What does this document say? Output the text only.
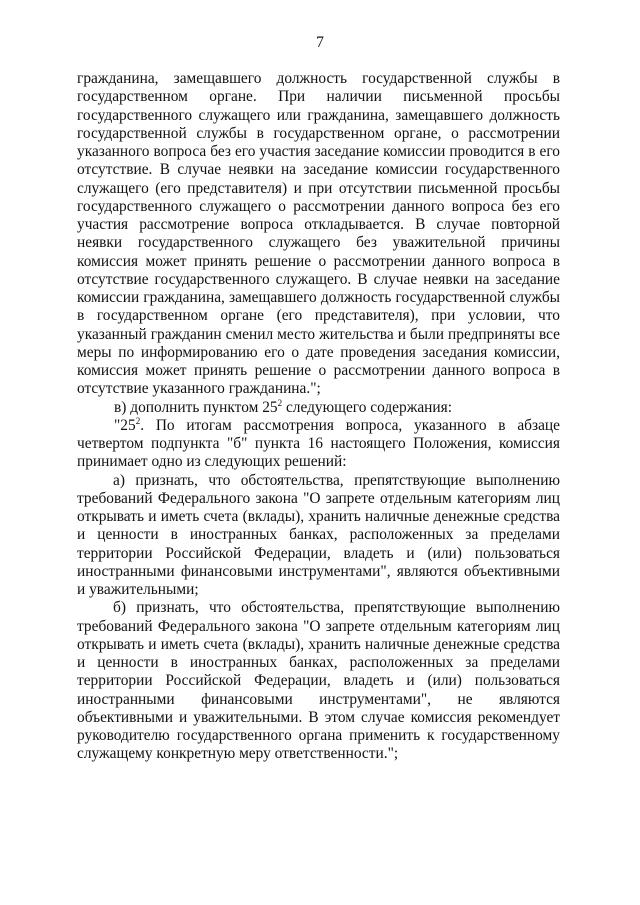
7

гражданина, замещавшего должность государственной службы в государственном органе. При наличии письменной просьбы государственного служащего или гражданина, замещавшего должность государственной службы в государственном органе, о рассмотрении указанного вопроса без его участия заседание комиссии проводится в его отсутствие. В случае неявки на заседание комиссии государственного служащего (его представителя) и при отсутствии письменной просьбы государственного служащего о рассмотрении данного вопроса без его участия рассмотрение вопроса откладывается. В случае повторной неявки государственного служащего без уважительной причины комиссия может принять решение о рассмотрении данного вопроса в отсутствие государственного служащего. В случае неявки на заседание комиссии гражданина, замещавшего должность государственной службы в государственном органе (его представителя), при условии, что указанный гражданин сменил место жительства и были предприняты все меры по информированию его о дате проведения заседания комиссии, комиссия может принять решение о рассмотрении данного вопроса в отсутствие указанного гражданина.";

в) дополнить пунктом $25^2$ следующего содержания:

"$25^2$. По итогам рассмотрения вопроса, указанного в абзаце четвертом подпункта "б" пункта 16 настоящего Положения, комиссия принимает одно из следующих решений:

а) признать, что обстоятельства, препятствующие выполнению требований Федерального закона "О запрете отдельным категориям лиц открывать и иметь счета (вклады), хранить наличные денежные средства и ценности в иностранных банках, расположенных за пределами территории Российской Федерации, владеть и (или) пользоваться иностранными финансовыми инструментами", являются объективными и уважительными;

б) признать, что обстоятельства, препятствующие выполнению требований Федерального закона "О запрете отдельным категориям лиц открывать и иметь счета (вклады), хранить наличные денежные средства и ценности в иностранных банках, расположенных за пределами территории Российской Федерации, владеть и (или) пользоваться иностранными финансовыми инструментами", не являются объективными и уважительными. В этом случае комиссия рекомендует руководителю государственного органа применить к государственному служащему конкретную меру ответственности.";
